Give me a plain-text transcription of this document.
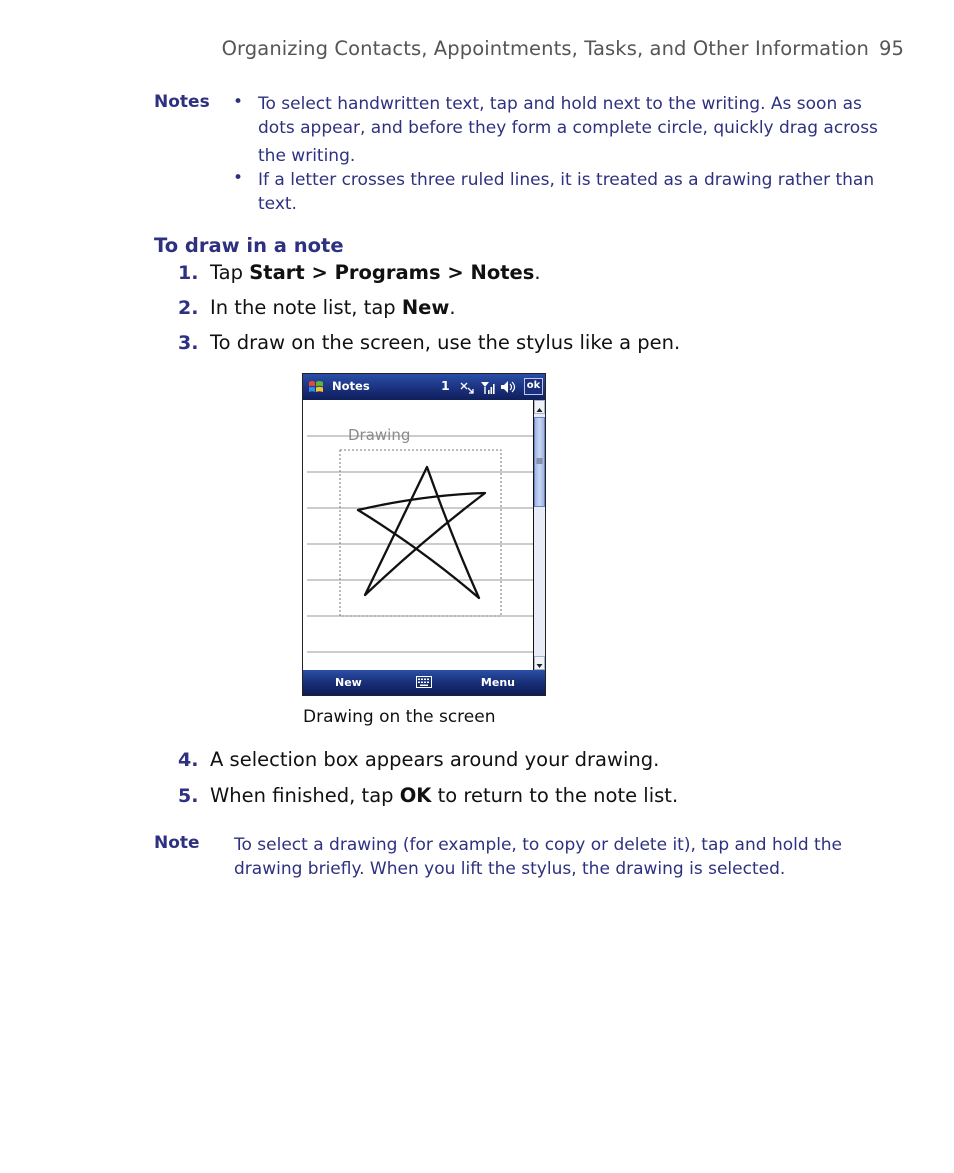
Organizing Contacts, Appointments, Tasks, and Other Information 95
Notes • To select handwritten text, tap and hold next to the writing. As soon as
dots appear, and before they form a complete circle, quickly drag across
the writing.
• If a letter crosses three ruled lines, it is treated as a drawing rather than
text.
To draw in a note
1. Tap Start > Programs > Notes.
2. In the note list, tap New.
3. To draw on the screen, use the stylus like a pen.
Notes	1	ok
Drawing
New	Menu
Drawing on the screen
4. A selection box appears around your drawing.
5. When finished, tap OK to return to the note list.
Note To select a drawing (for example, to copy or delete it), tap and hold the
drawing briefly. When you lift the stylus, the drawing is selected.
